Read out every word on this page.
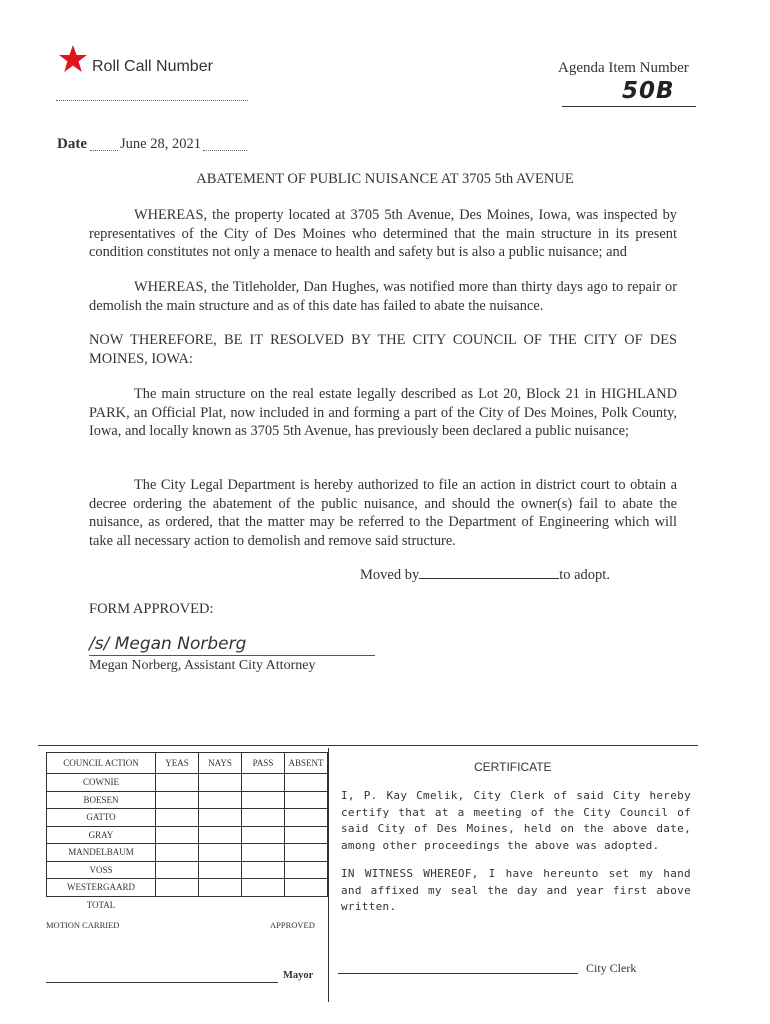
Roll Call Number	Agenda Item Number
50B
Date June 28, 2021
ABATEMENT OF PUBLIC NUISANCE AT 3705 5th AVENUE
WHEREAS, the property located at 3705 5th Avenue, Des Moines, Iowa, was inspected by representatives of the City of Des Moines who determined that the main structure in its present condition constitutes not only a menace to health and safety but is also a public nuisance; and
WHEREAS, the Titleholder, Dan Hughes, was notified more than thirty days ago to repair or demolish the main structure and as of this date has failed to abate the nuisance.
NOW THEREFORE, BE IT RESOLVED BY THE CITY COUNCIL OF THE CITY OF DES MOINES, IOWA:
The main structure on the real estate legally described as Lot 20, Block 21 in HIGHLAND PARK, an Official Plat, now included in and forming a part of the City of Des Moines, Polk County, Iowa, and locally known as 3705 5th Avenue, has previously been declared a public nuisance;
The City Legal Department is hereby authorized to file an action in district court to obtain a decree ordering the abatement of the public nuisance, and should the owner(s) fail to abate the nuisance, as ordered, that the matter may be referred to the Department of Engineering which will take all necessary action to demolish and remove said structure.
Moved by	to adopt.
FORM APPROVED:
/s/ Megan Norberg
Megan Norberg, Assistant City Attorney
COUNCIL ACTION	YEAS	NAYS	PASS	ABSENT
COWNIE				
BOESEN				
GATTO				
GRAY				
MANDELBAUM				
VOSS				
WESTERGAARD				
TOTAL				
MOTION CARRIED	APPROVED
Mayor
CERTIFICATE
I, P. Kay Cmelik, City Clerk of said City hereby certify that at a meeting of the City Council of said City of Des Moines, held on the above date, among other proceedings the above was adopted.
IN WITNESS WHEREOF, I have hereunto set my hand and affixed my seal the day and year first above written.
City Clerk
